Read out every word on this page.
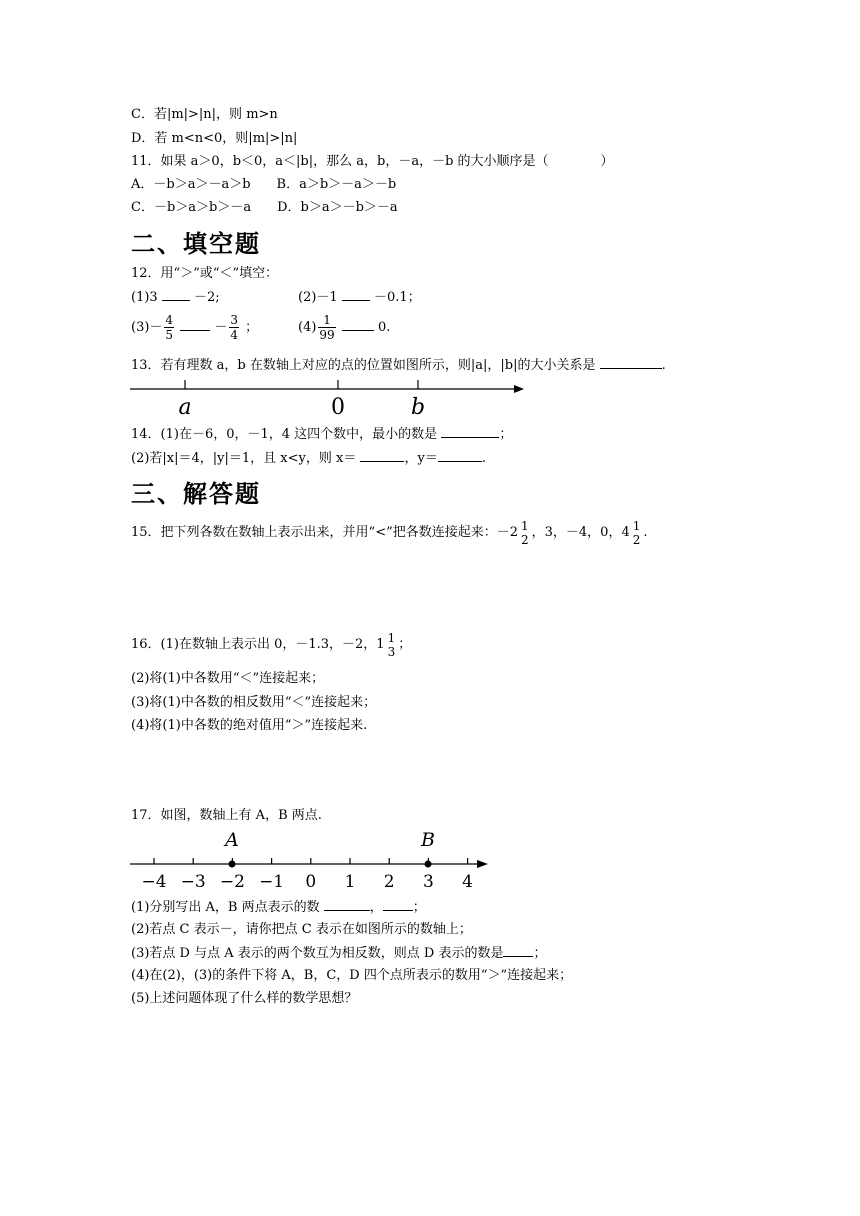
C．若|m|>|n|，则 m>n
D．若 m<n<0，则|m|>|n|
11．如果 a＞0，b＜0，a＜|b|，那么 a，b，－a，－b 的大小顺序是（　　　　）
A．－b＞a＞－a＞b　　B．a＞b＞－a＞－b
C．－b＞a＞b＞－a　　D．b＞a＞－b＞－a
二、填空题
12．用“＞”或“＜”填空：
(1)3	－2;	(2)－1	－0.1；
$(3)- \frac{4}{5}$	－ $\frac{3}{4}$ ；	$(4) \frac{1}{99}$	0.
13．若有理数 a，b 在数轴上对应的点的位置如图所示，则|a|，|b|的大小关系是	.
a	0	b
14．(1)在－6，0，－1，4 这四个数中，最小的数是	；
(2)若|x|＝4，|y|＝1，且 x<y，则 x＝	，y＝	.
三、解答题
15．把下列各数在数轴上表示出来，并用“<”把各数连接起来：－2 1
2 ，3，－4，0，4 1
2 .
16．(1)在数轴上表示出 0，－1.3，－2，1 1
3 ；
(2)将(1)中各数用“＜”连接起来；
(3)将(1)中各数的相反数用“＜”连接起来；
(4)将(1)中各数的绝对值用“＞”连接起来.
17．如图，数轴上有 A，B 两点.
−4 −3 −2 −1 0 1 2 3 4
A	B
(1)分别写出 A，B 两点表示的数	， ；
(2)若点 C 表示－，请你把点 C 表示在如图所示的数轴上；
(3)若点 D 与点 A 表示的两个数互为相反数，则点 D 表示的数是 ；
(4)在(2)，(3)的条件下将 A，B，C，D 四个点所表示的数用“＞”连接起来；
(5)上述问题体现了什么样的数学思想？
